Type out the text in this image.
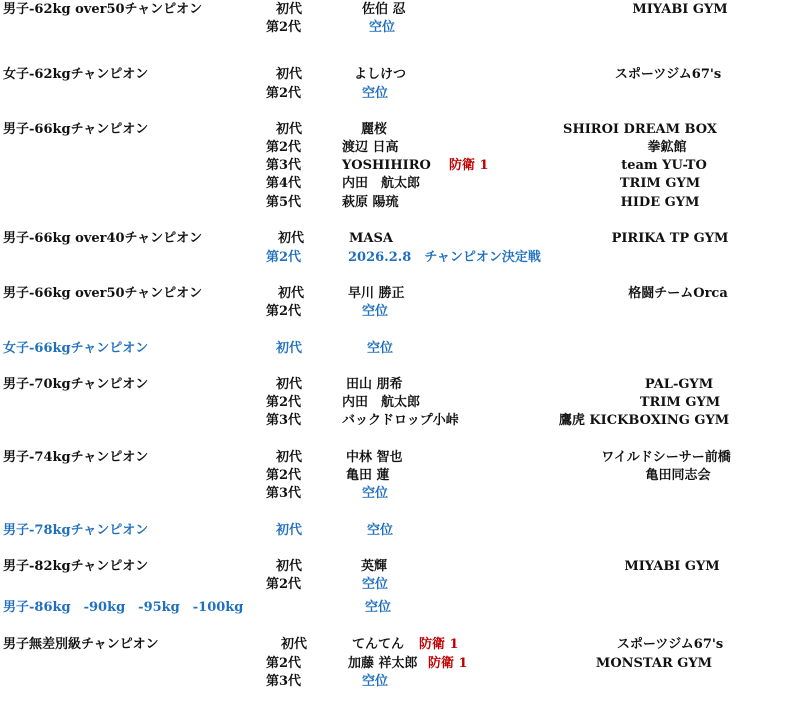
男子-62kg over50チャンピオン	初代	佐伯 忍	MIYABI GYM
第2代	空位
女子-62kgチャンピオン	初代	よしけつ	スポーツジム67's
第2代	空位
男子-66kgチャンピオン	初代	麗桜	SHIROI DREAM BOX
第2代	渡辺 日高	拳鉱館
第3代	YOSHIHIRO 防衛 1	team YU-TO
第4代	内田　航太郎	TRIM GYM
第5代	萩原 陽琉	HIDE GYM
男子-66kg over40チャンピオン	初代	MASA	PIRIKA TP GYM
第2代	2026.2.8　チャンピオン決定戦
男子-66kg over50チャンピオン	初代	早川 勝正	格闘チームOrca
第2代	空位
女子-66kgチャンピオン	初代	空位
男子-70kgチャンピオン	初代	田山 朋希	PAL-GYM
第2代	内田　航太郎	TRIM GYM
第3代	バックドロップ小峠	鷹虎 KICKBOXING GYM
男子-74kgチャンピオン	初代	中林 智也	ワイルドシーサー前橋
第2代	亀田 蓮	亀田同志会
第3代	空位
男子-78kgチャンピオン	初代	空位
男子-82kgチャンピオン	初代	英輝	MIYABI GYM
第2代	空位
男子-86kg　-90kg　-95kg　-100kg	空位
男子無差別級チャンピオン	初代	てんてん 防衛 1	スポーツジム67's
第2代	加藤 祥太郎 防衛 1	MONSTAR GYM
第3代	空位
